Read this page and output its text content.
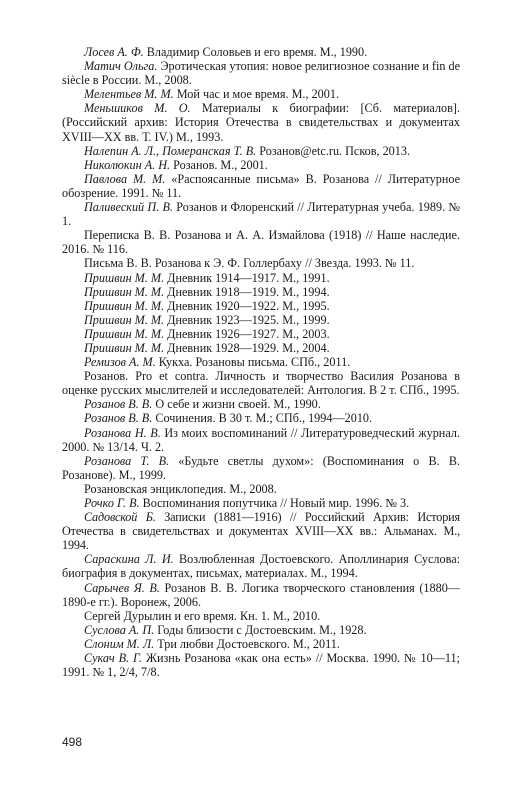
Лосев А. Ф. Владимир Соловьев и его время. М., 1990.

Матич Ольга. Эротическая утопия: новое религиозное сознание и fin de siècle в России. М., 2008.

Мелентьев М. М. Мой час и мое время. М., 2001.

Меньшиков М. О. Материалы к биографии: [Сб. материалов]. (Российский архив: История Отечества в свидетельствах и документах XVIII—XX вв. Т. IV.) М., 1993.

Налепин А. Л., Померанская Т. В. Розанов@etc.ru. Псков, 2013.

Николюкин А. Н. Розанов. М., 2001.

Павлова М. М. «Распоясанные письма» В. Розанова // Литературное обозрение. 1991. № 11.

Паливеский П. В. Розанов и Флоренский // Литературная учеба. 1989. № 1.

Переписка В. В. Розанова и А. А. Измайлова (1918) // Наше наследие. 2016. № 116.

Письма В. В. Розанова к Э. Ф. Голлербаху // Звезда. 1993. № 11.

Пришвин М. М. Дневник 1914—1917. М., 1991.

Пришвин М. М. Дневник 1918—1919. М., 1994.

Пришвин М. М. Дневник 1920—1922. М., 1995.

Пришвин М. М. Дневник 1923—1925. М., 1999.

Пришвин М. М. Дневник 1926—1927. М., 2003.

Пришвин М. М. Дневник 1928—1929. М., 2004.

Ремизов А. М. Кукха. Розановы письма. СПб., 2011.

Розанов. Pro et contra. Личность и творчество Василия Розанова в оценке русских мыслителей и исследователей: Антология. В 2 т. СПб., 1995.

Розанов В. В. О себе и жизни своей. М., 1990.

Розанов В. В. Сочинения. В 30 т. М.; СПб., 1994—2010.

Розанова Н. В. Из моих воспоминаний // Литературоведческий журнал. 2000. № 13/14. Ч. 2.

Розанова Т. В. «Будьте светлы духом»: (Воспоминания о В. В. Розанове). М., 1999.

Розановская энциклопедия. М., 2008.

Рочко Г. В. Воспоминания попутчика // Новый мир. 1996. № 3.

Садовской Б. Записки (1881—1916) // Российский Архив: История Отечества в свидетельствах и документах XVIII—XX вв.: Альманах. М., 1994.

Сараскина Л. И. Возлюбленная Достоевского. Аполлинария Суслова: биография в документах, письмах, материалах. М., 1994.

Сарычев Я. В. Розанов В. В. Логика творческого становления (1880—1890-е гг.). Воронеж, 2006.

Сергей Дурылин и его время. Кн. 1. М., 2010.

Суслова А. П. Годы близости с Достоевским. М., 1928.

Слоним М. Л. Три любви Достоевского. М., 2011.

Сукач В. Г. Жизнь Розанова «как она есть» // Москва. 1990. № 10—11; 1991. № 1, 2/4, 7/8.

498
